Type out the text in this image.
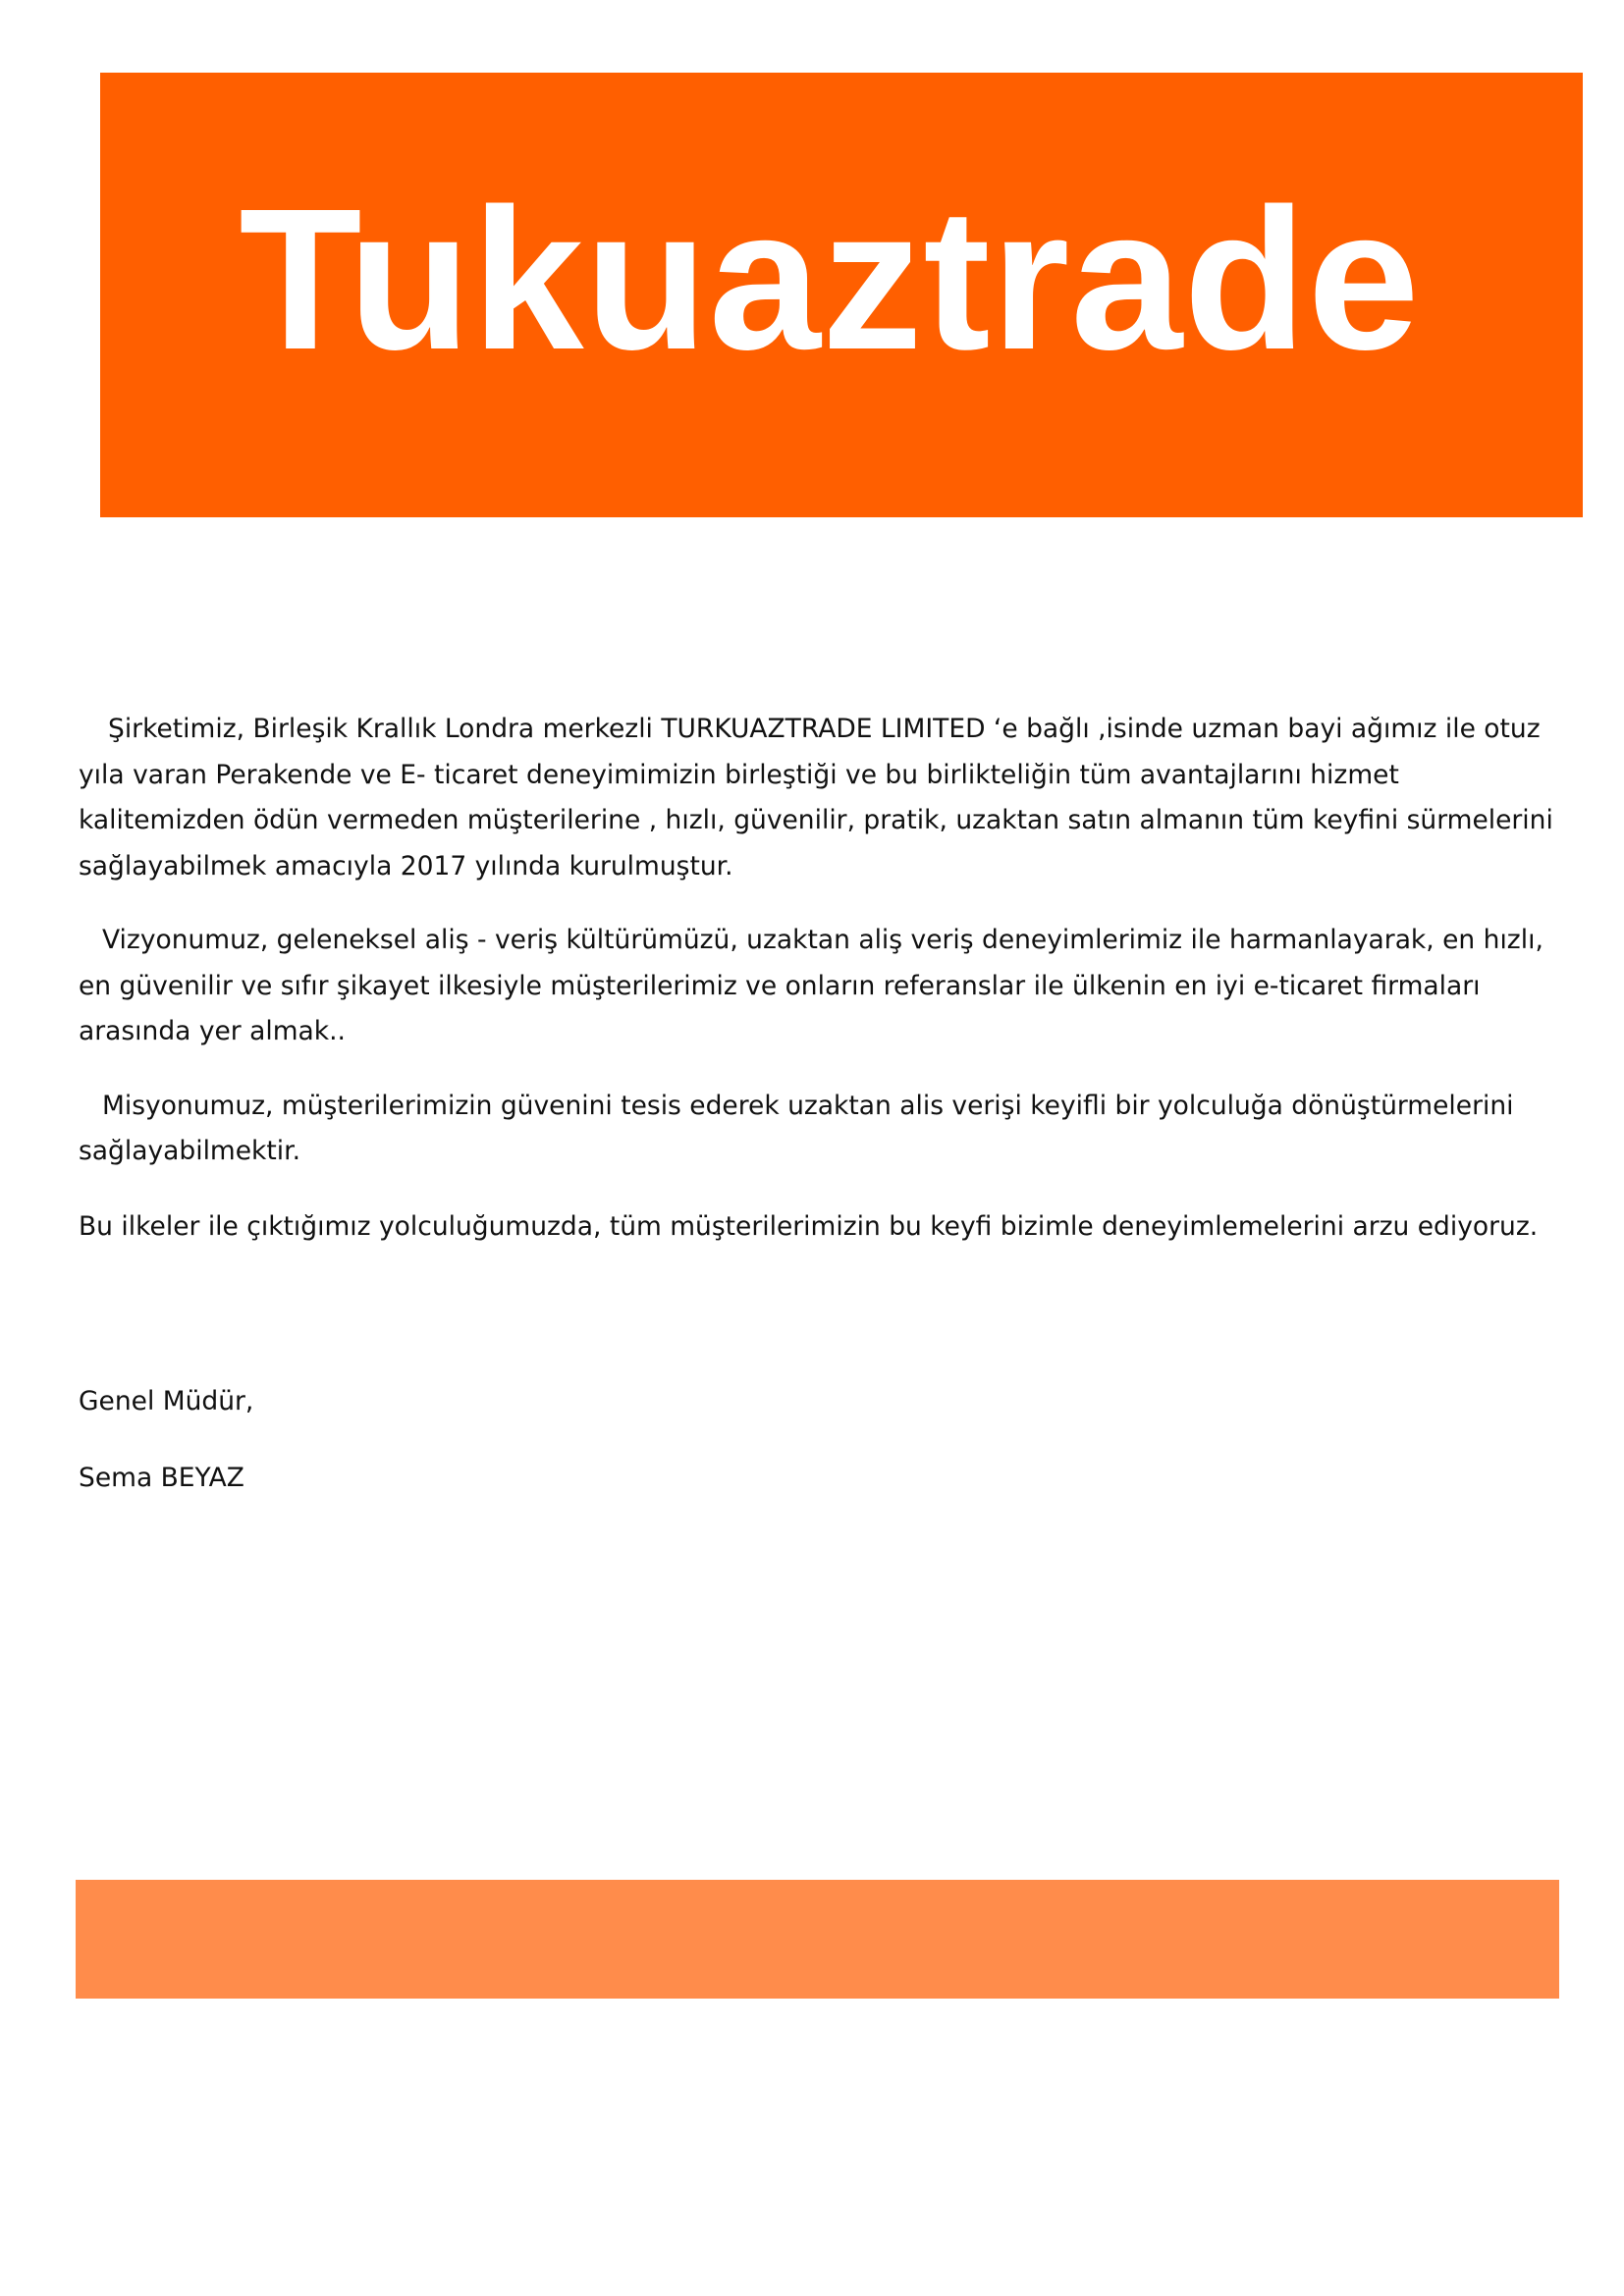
Tukuaztrade

Şirketimiz, Birleşik Krallık Londra merkezli TURKUAZTRADE LIMITED ‘e bağlı ,isinde uzman bayi ağımız ile otuz yıla varan Perakende ve E- ticaret deneyimimizin birleştiği ve bu birlikteliğin tüm avantajlarını hizmet kalitemizden ödün vermeden müşterilerine , hızlı, güvenilir, pratik, uzaktan satın almanın tüm keyfini sürmelerini sağlayabilmek amacıyla 2017 yılında kurulmuştur.

Vizyonumuz, geleneksel aliş - veriş kültürümüzü, uzaktan aliş veriş deneyimlerimiz ile harmanlayarak, en hızlı, en güvenilir ve sıfır şikayet ilkesiyle müşterilerimiz ve onların referanslar ile ülkenin en iyi e-ticaret firmaları arasında yer almak..

Misyonumuz, müşterilerimizin güvenini tesis ederek uzaktan alis verişi keyifli bir yolculuğa dönüştürmelerini sağlayabilmektir.

Bu ilkeler ile çıktığımız yolculuğumuzda, tüm müşterilerimizin bu keyfi bizimle deneyimlemelerini arzu ediyoruz.

Genel Müdür,

Sema BEYAZ
